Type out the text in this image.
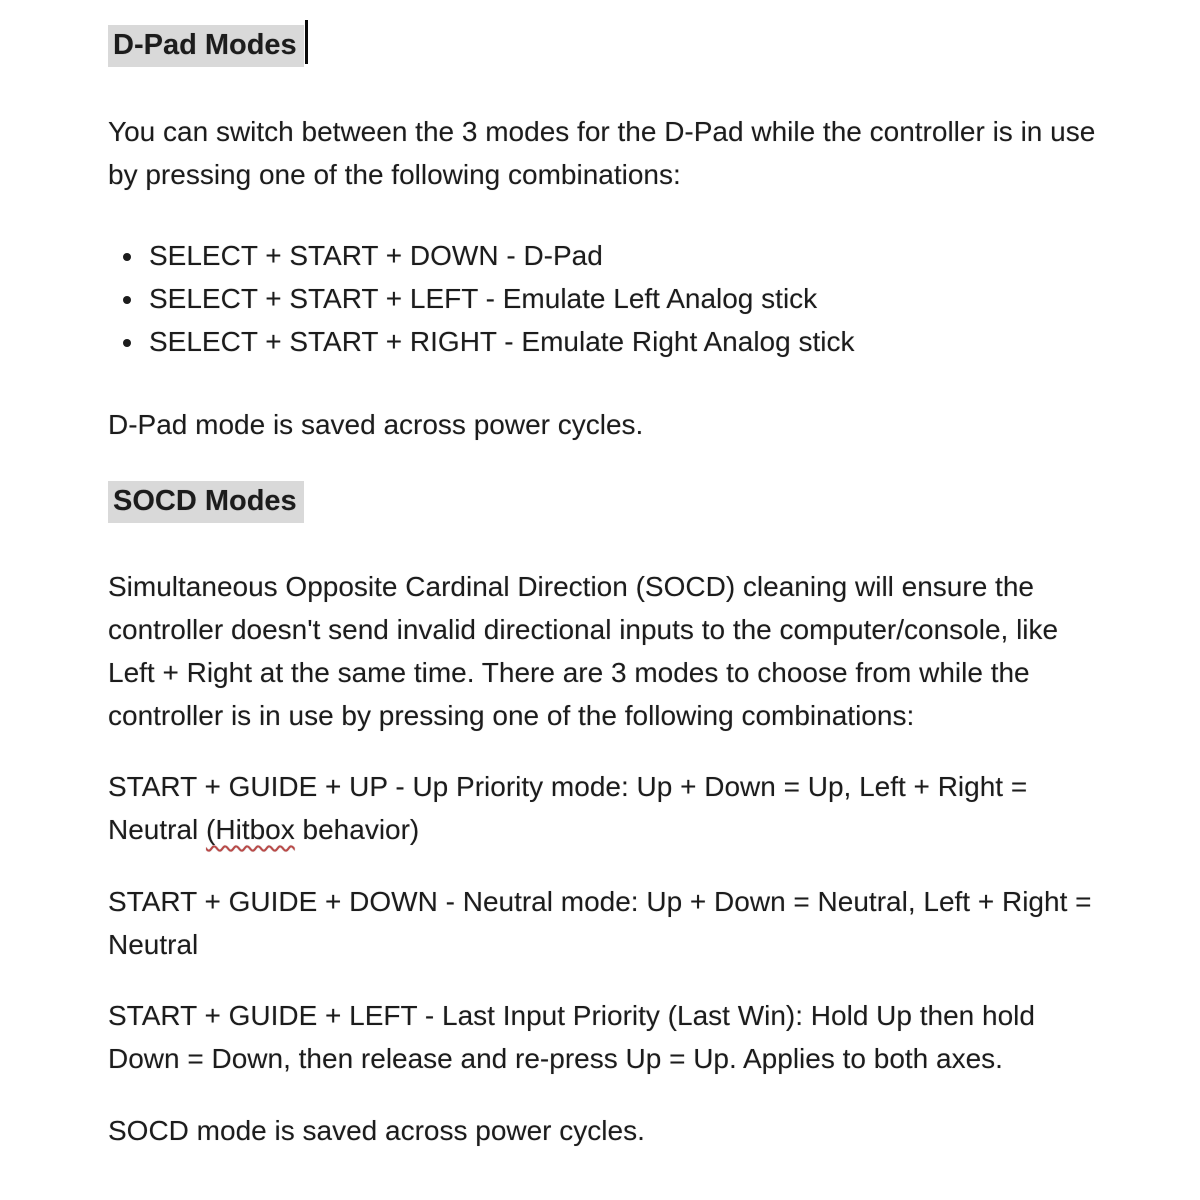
D-Pad Modes

You can switch between the 3 modes for the D-Pad while the controller is in use by pressing one of the following combinations:

• SELECT + START + DOWN - D-Pad
• SELECT + START + LEFT - Emulate Left Analog stick
• SELECT + START + RIGHT - Emulate Right Analog stick

D-Pad mode is saved across power cycles.

SOCD Modes

Simultaneous Opposite Cardinal Direction (SOCD) cleaning will ensure the controller doesn't send invalid directional inputs to the computer/console, like Left + Right at the same time. There are 3 modes to choose from while the controller is in use by pressing one of the following combinations:

START + GUIDE + UP - Up Priority mode: Up + Down = Up, Left + Right = Neutral (Hitbox behavior)

START + GUIDE + DOWN - Neutral mode: Up + Down = Neutral, Left + Right = Neutral

START + GUIDE + LEFT - Last Input Priority (Last Win): Hold Up then hold Down = Down, then release and re-press Up = Up. Applies to both axes.

SOCD mode is saved across power cycles.
